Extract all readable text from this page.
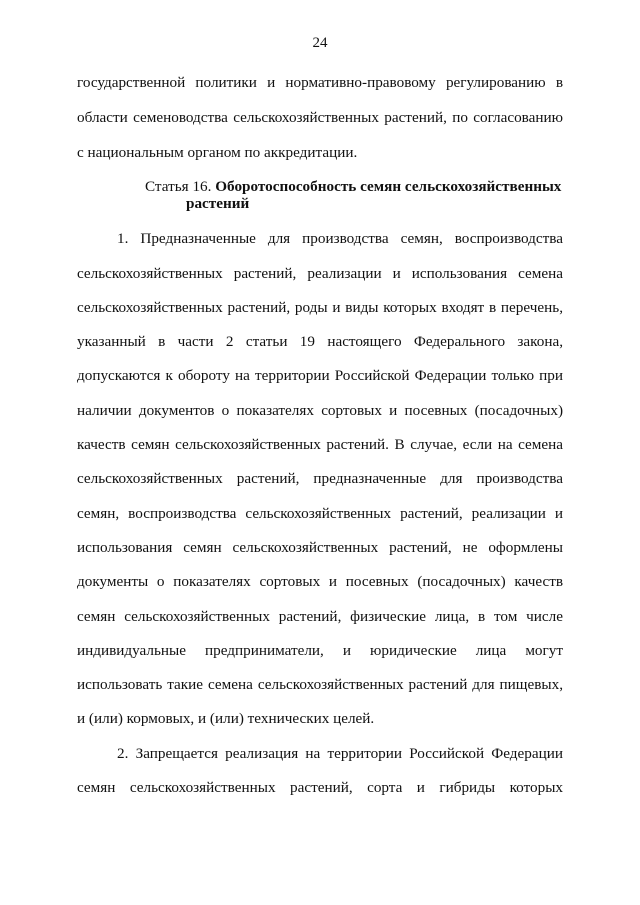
24
государственной политики и нормативно-правовому регулированию в
области семеноводства сельскохозяйственных растений, по согласованию
с национальным органом по аккредитации.
Статья 16. Оборотоспособность семян сельскохозяйственных
растений
1. Предназначенные для производства семян, воспроизводства
сельскохозяйственных растений, реализации и использования семена
сельскохозяйственных растений, роды и виды которых входят в перечень,
указанный в части 2 статьи 19 настоящего Федерального закона,
допускаются к обороту на территории Российской Федерации только при
наличии документов о показателях сортовых и посевных (посадочных)
качеств семян сельскохозяйственных растений. В случае, если на семена
сельскохозяйственных растений, предназначенные для производства
семян, воспроизводства сельскохозяйственных растений, реализации и
использования семян сельскохозяйственных растений, не оформлены
документы о показателях сортовых и посевных (посадочных) качеств
семян сельскохозяйственных растений, физические лица, в том числе
индивидуальные предприниматели, и юридические лица могут
использовать такие семена сельскохозяйственных растений для пищевых,
и (или) кормовых, и (или) технических целей.
2. Запрещается реализация на территории Российской Федерации
семян сельскохозяйственных растений, сорта и гибриды которых
